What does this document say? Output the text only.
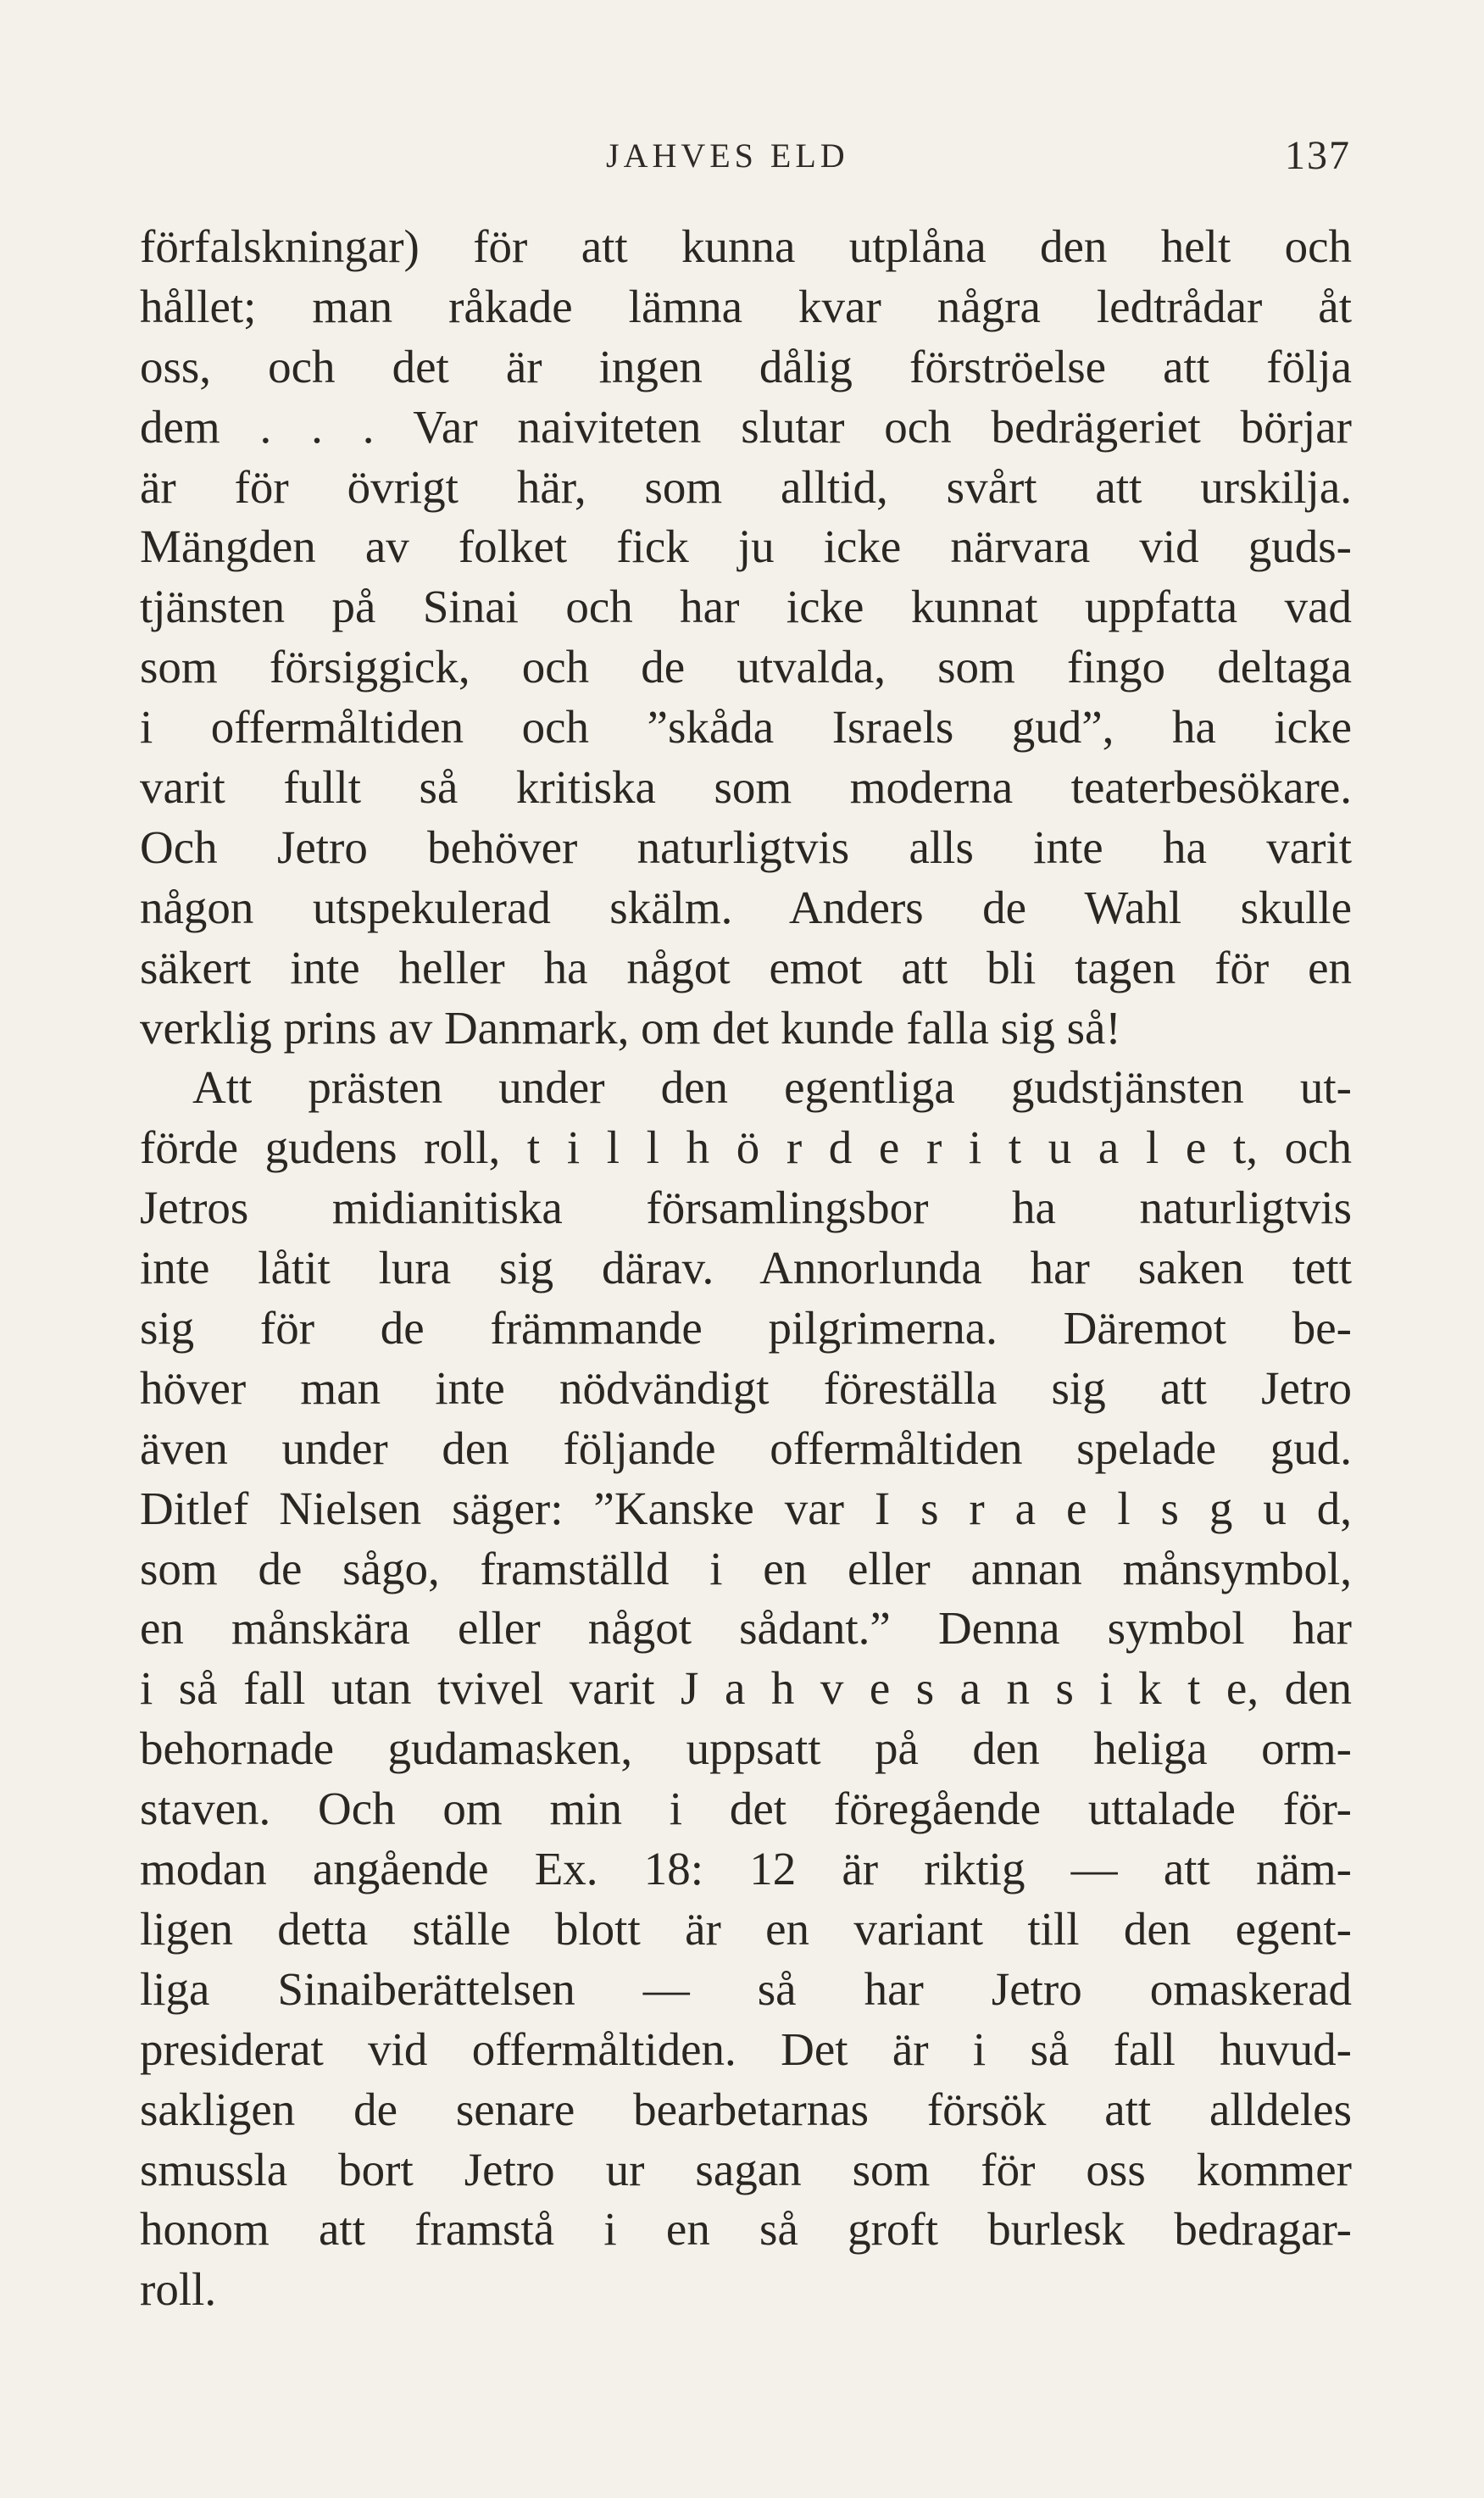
JAHVES ELD	137
förfalskningar) för att kunna utplåna den helt och
hållet; man råkade lämna kvar några ledtrådar åt
oss, och det är ingen dålig förströelse att följa
dem . . . Var naiviteten slutar och bedrägeriet börjar
är för övrigt här, som alltid, svårt att urskilja.
Mängden av folket fick ju icke närvara vid guds-
tjänsten på Sinai och har icke kunnat uppfatta vad
som försiggick, och de utvalda, som fingo deltaga
i offermåltiden och ”skåda Israels gud”, ha icke
varit fullt så kritiska som moderna teaterbesökare.
Och Jetro behöver naturligtvis alls inte ha varit
någon utspekulerad skälm. Anders de Wahl skulle
säkert inte heller ha något emot att bli tagen för en
verklig prins av Danmark, om det kunde falla sig så!
Att prästen under den egentliga gudstjänsten ut-
förde gudens roll, t i l l h ö r d e r i t u a l e t, och
Jetros midianitiska församlingsbor ha naturligtvis
inte låtit lura sig därav. Annorlunda har saken tett
sig för de främmande pilgrimerna. Däremot be-
höver man inte nödvändigt föreställa sig att Jetro
även under den följande offermåltiden spelade gud.
Ditlef Nielsen säger: ”Kanske var I s r a e l s g u d,
som de sågo, framställd i en eller annan månsymbol,
en månskära eller något sådant.” Denna symbol har
i så fall utan tvivel varit J a h v e s a n s i k t e, den
behornade gudamasken, uppsatt på den heliga orm-
staven. Och om min i det föregående uttalade för-
modan angående Ex. 18: 12 är riktig — att näm-
ligen detta ställe blott är en variant till den egent-
liga Sinaiberättelsen — så har Jetro omaskerad
presiderat vid offermåltiden. Det är i så fall huvud-
sakligen de senare bearbetarnas försök att alldeles
smussla bort Jetro ur sagan som för oss kommer
honom att framstå i en så groft burlesk bedragar-
roll.
